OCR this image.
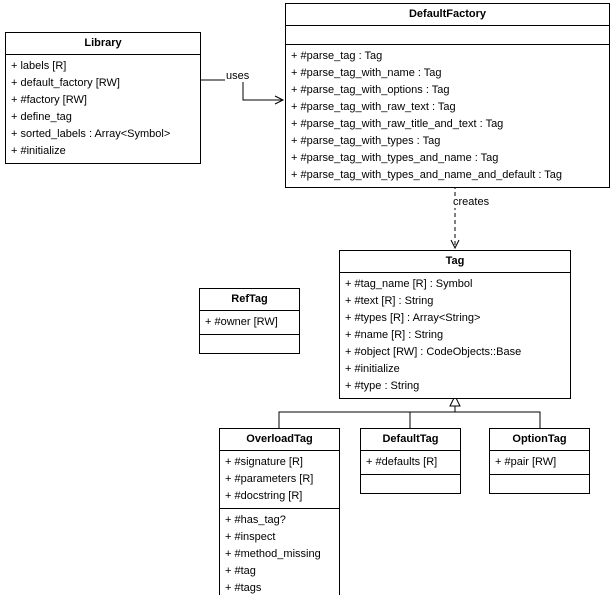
Library
+ labels [R]
+ default_factory [RW]
+ #factory [RW]
+ define_tag
+ sorted_labels : Array<Symbol>
+ #initialize
DefaultFactory
+ #parse_tag : Tag
+ #parse_tag_with_name : Tag
+ #parse_tag_with_options : Tag
+ #parse_tag_with_raw_text : Tag
+ #parse_tag_with_raw_title_and_text : Tag
+ #parse_tag_with_types : Tag
+ #parse_tag_with_types_and_name : Tag
+ #parse_tag_with_types_and_name_and_default : Tag
Tag
+ #tag_name [R] : Symbol
+ #text [R] : String
+ #types [R] : Array<String>
+ #name [R] : String
+ #object [RW] : CodeObjects::Base
+ #initialize
+ #type : String
RefTag
+ #owner [RW]
OverloadTag
+ #signature [R]
+ #parameters [R]
+ #docstring [R]
+ #has_tag?
+ #inspect
+ #method_missing
+ #tag
+ #tags
DefaultTag
+ #defaults [R]
OptionTag
+ #pair [RW]
uses
creates
